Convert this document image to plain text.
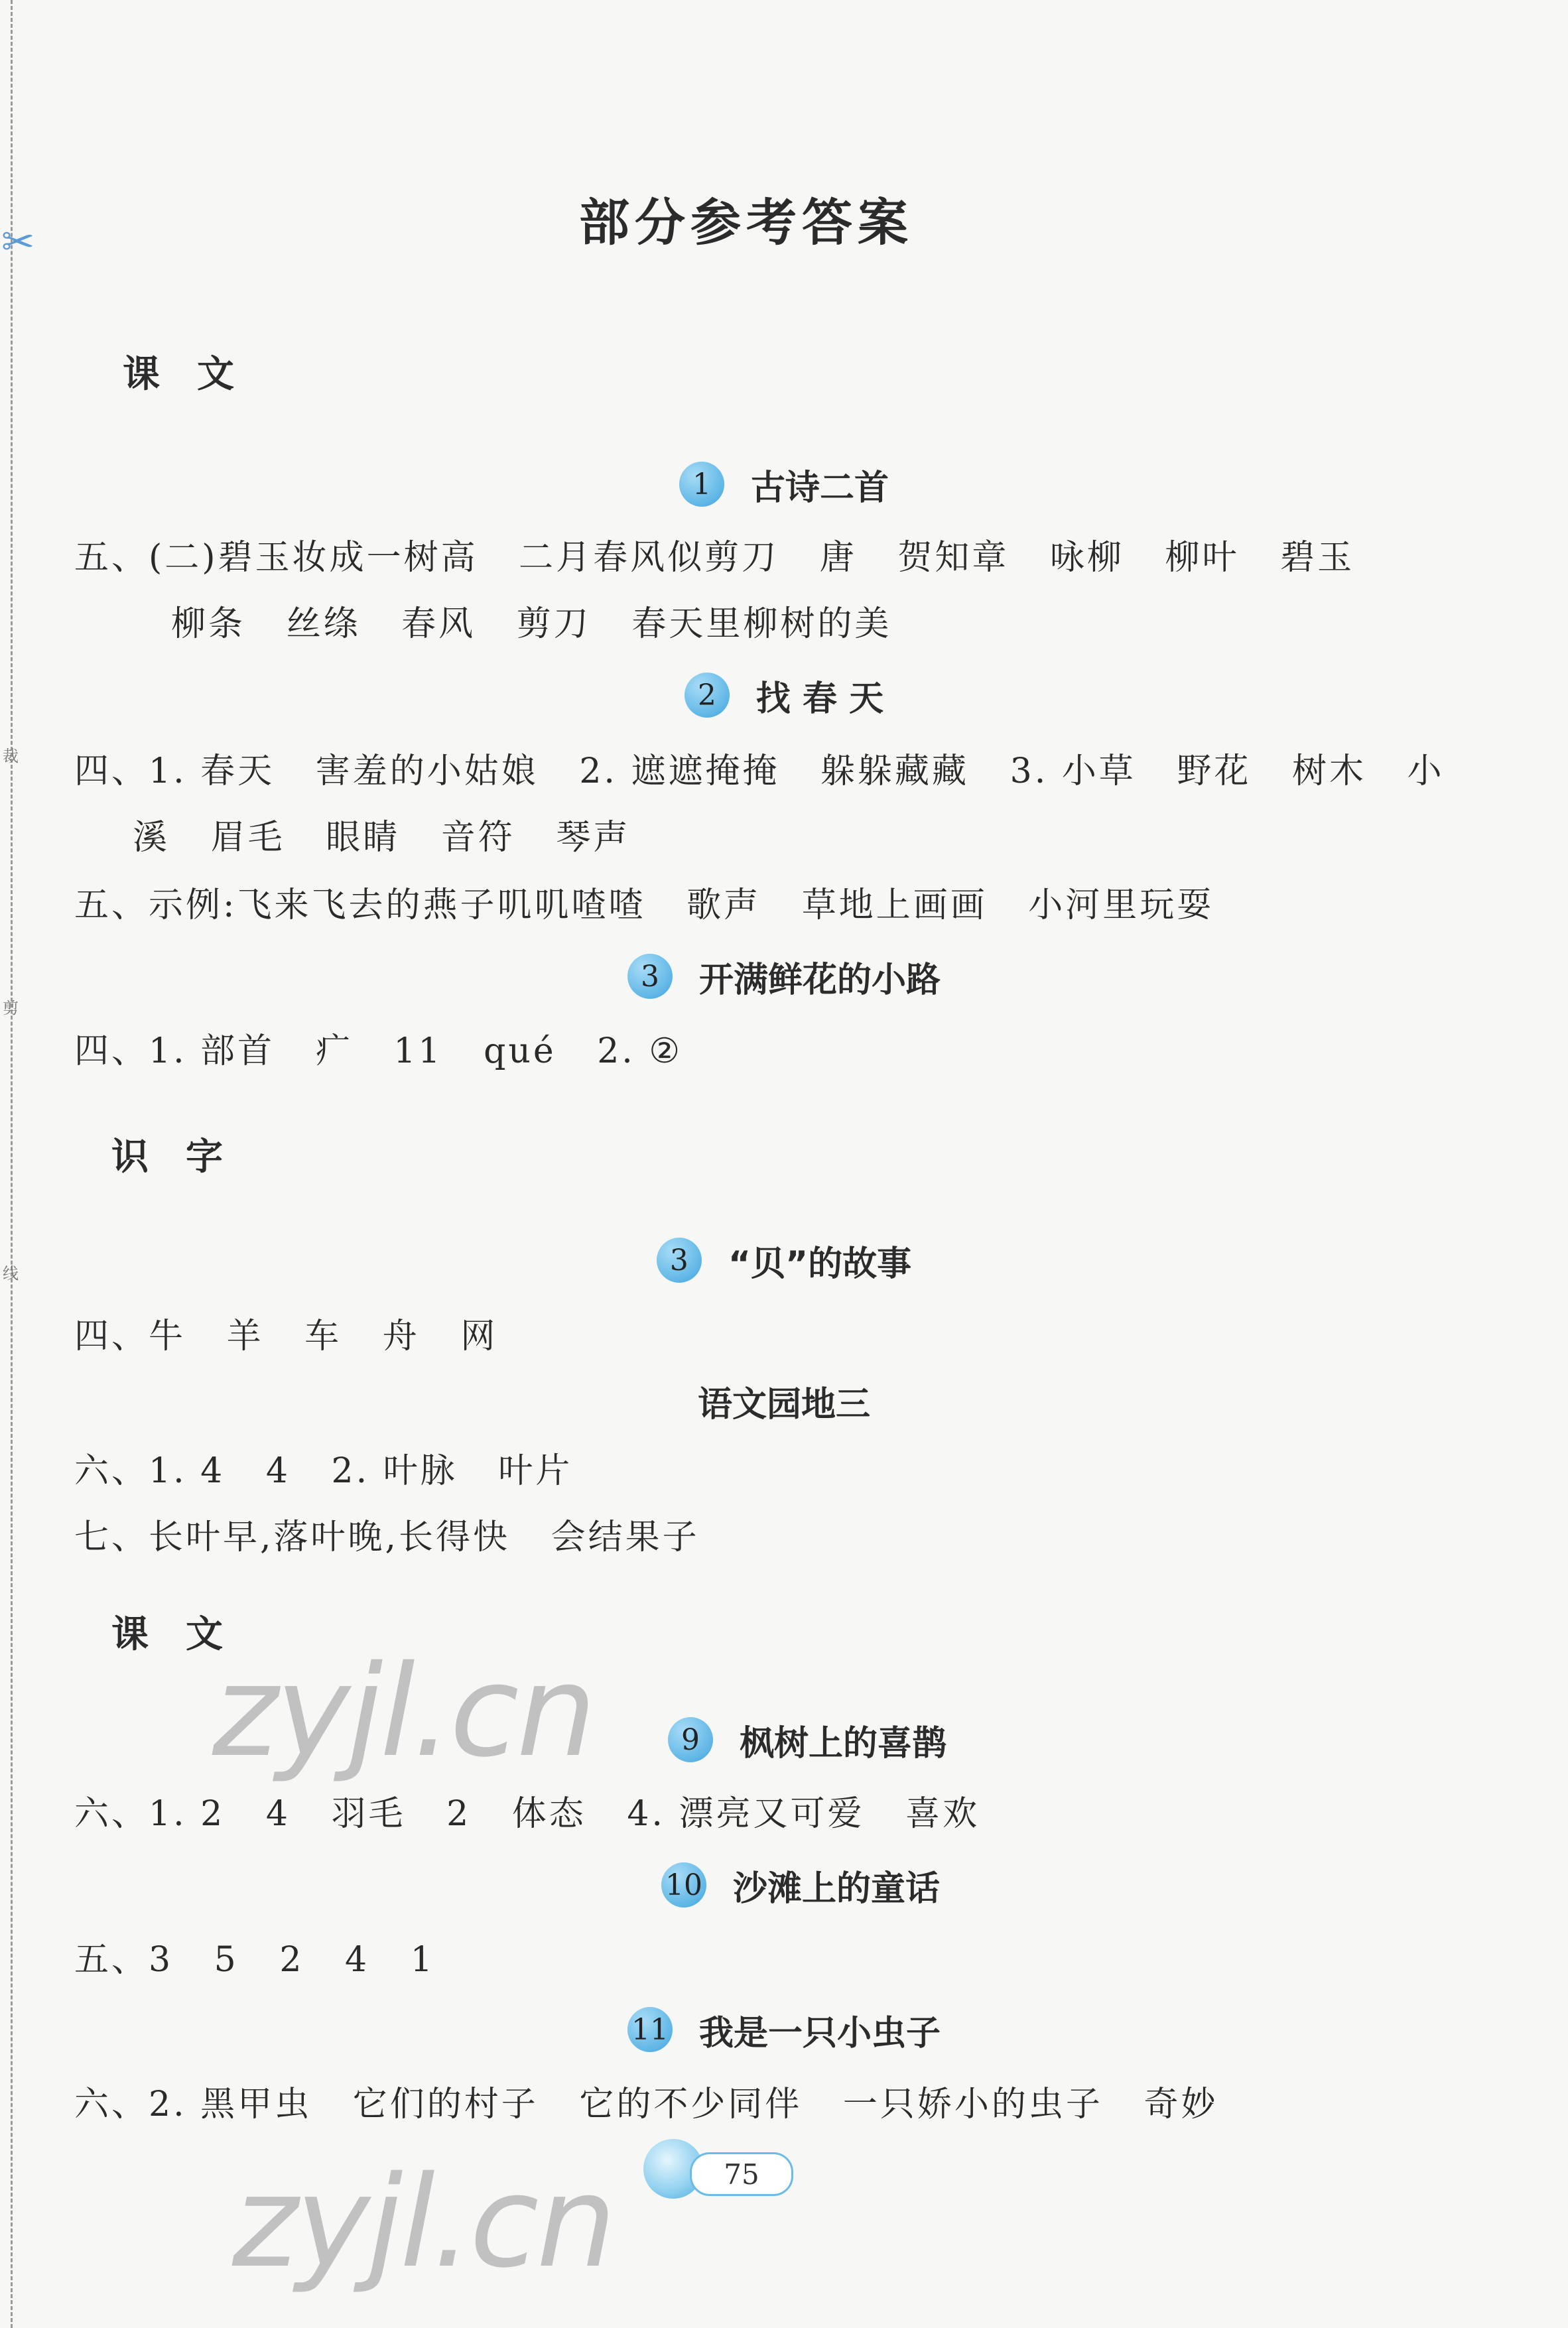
✂
裁
剪
线
部分参考答案
课 文
识 字
课 文
1	古诗二首
五、(二)碧玉妆成一树高   二月春风似剪刀   唐   贺知章   咏柳   柳叶   碧玉
柳条   丝绦   春风   剪刀   春天里柳树的美
2	找 春 天
四、1. 春天   害羞的小姑娘   2. 遮遮掩掩   躲躲藏藏   3. 小草   野花   树木   小
溪   眉毛   眼睛   音符   琴声
五、示例:飞来飞去的燕子叽叽喳喳   歌声   草地上画画   小河里玩耍
3	开满鲜花的小路
四、1. 部首   疒   11   qué   2. ②
3	“贝”的故事
四、牛   羊   车   舟   网
语文园地三
六、1. 4   4   2. 叶脉   叶片
七、长叶早,落叶晚,长得快   会结果子
zyjl.cn	9	枫树上的喜鹊
六、1. 2   4   羽毛   2   体态   4. 漂亮又可爱   喜欢
10 沙滩上的童话
五、3   5   2   4   1
11 我是一只小虫子
六、2. 黑甲虫   它们的村子   它的不少同伴   一只娇小的虫子   奇妙
zyjl.cn	75
